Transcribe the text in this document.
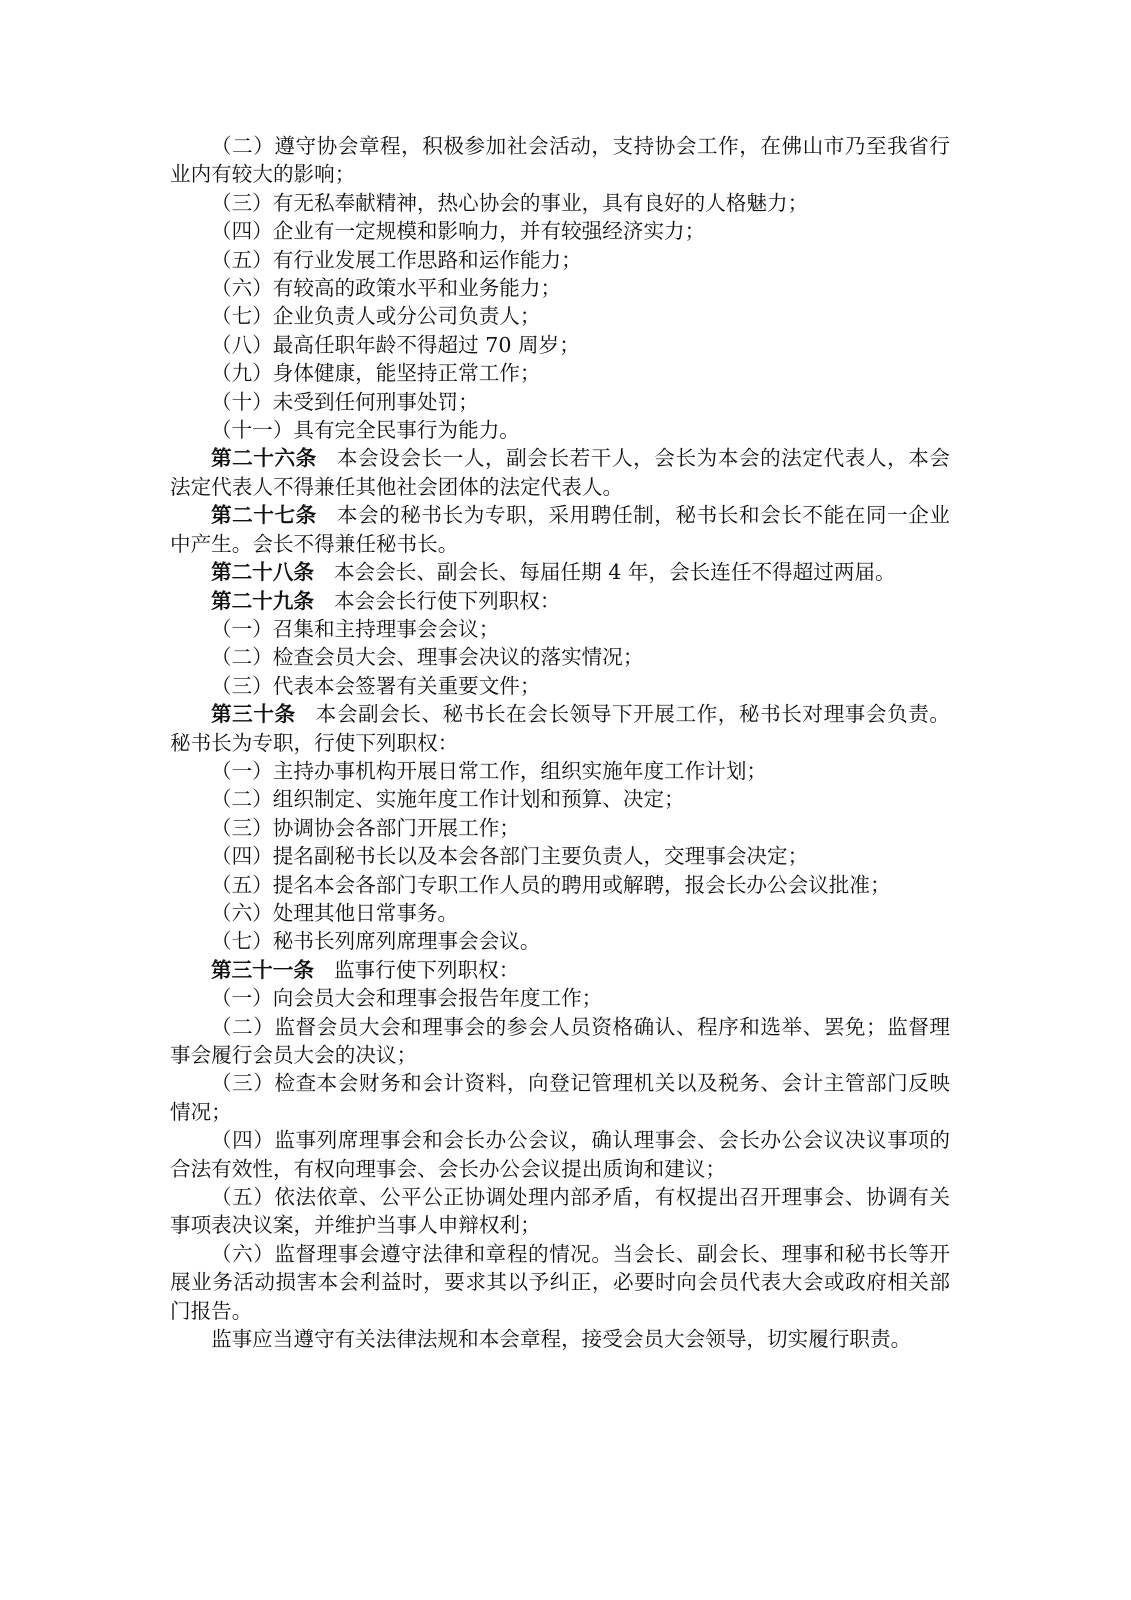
（二）遵守协会章程，积极参加社会活动，支持协会工作，在佛山市乃至我省行业内有较大的影响；

（三）有无私奉献精神，热心协会的事业，具有良好的人格魅力；

（四）企业有一定规模和影响力，并有较强经济实力；

（五）有行业发展工作思路和运作能力；

（六）有较高的政策水平和业务能力；

（七）企业负责人或分公司负责人；

（八）最高任职年龄不得超过 70 周岁；

（九）身体健康，能坚持正常工作；

（十）未受到任何刑事处罚；

（十一）具有完全民事行为能力。

第二十六条 本会设会长一人，副会长若干人，会长为本会的法定代表人，本会法定代表人不得兼任其他社会团体的法定代表人。

第二十七条 本会的秘书长为专职，采用聘任制，秘书长和会长不能在同一企业中产生。会长不得兼任秘书长。

第二十八条 本会会长、副会长、每届任期 4 年，会长连任不得超过两届。

第二十九条 本会会长行使下列职权：

（一）召集和主持理事会会议；

（二）检查会员大会、理事会决议的落实情况；

（三）代表本会签署有关重要文件；

第三十条 本会副会长、秘书长在会长领导下开展工作，秘书长对理事会负责。秘书长为专职，行使下列职权：

（一）主持办事机构开展日常工作，组织实施年度工作计划；

（二）组织制定、实施年度工作计划和预算、决定；

（三）协调协会各部门开展工作；

（四）提名副秘书长以及本会各部门主要负责人，交理事会决定；

（五）提名本会各部门专职工作人员的聘用或解聘，报会长办公会议批准；

（六）处理其他日常事务。

（七）秘书长列席列席理事会会议。

第三十一条 监事行使下列职权：

（一）向会员大会和理事会报告年度工作；

（二）监督会员大会和理事会的参会人员资格确认、程序和选举、罢免；监督理事会履行会员大会的决议；

（三）检查本会财务和会计资料，向登记管理机关以及税务、会计主管部门反映情况；

（四）监事列席理事会和会长办公会议，确认理事会、会长办公会议决议事项的合法有效性，有权向理事会、会长办公会议提出质询和建议；

（五）依法依章、公平公正协调处理内部矛盾，有权提出召开理事会、协调有关事项表决议案，并维护当事人申辩权利；

（六）监督理事会遵守法律和章程的情况。当会长、副会长、理事和秘书长等开展业务活动损害本会利益时，要求其以予纠正，必要时向会员代表大会或政府相关部门报告。

监事应当遵守有关法律法规和本会章程，接受会员大会领导，切实履行职责。
